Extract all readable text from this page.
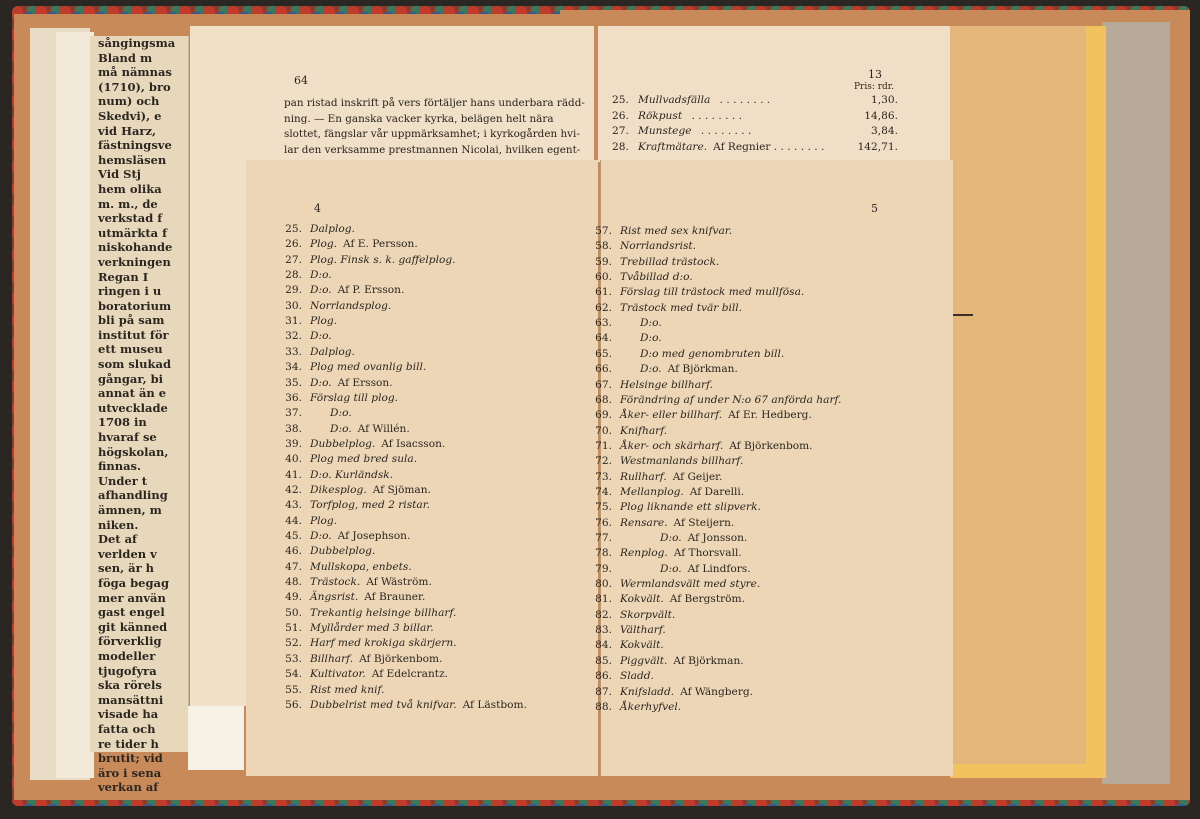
sångingsma
Bland m
må nämnas
(1710), bro
num) och
Skedvi), e
vid Harz,
fästningsve
hemsläsen
Vid Stj
hem olika
m. m., de
verkstad f
utmärkta f
niskohande
verkningen
Regan I
ringen i u
boratorium
bli på sam
institut för
ett museu
som slukad
gångar, bi
annat än e
utvecklade
1708 in
hvaraf se
högskolan,
finnas.
Under t
afhandling
ämnen, m
niken.
Det af
verlden v
sen, är h
föga begag
mer använ
gast engel
git känned
förverklig
modeller
tjugofyra
ska rörels
mansättni
visade ha
fatta och
re tider h
brutit; vid
äro i sena
verkan af
64
pan ristad inskrift på vers förtäljer hans underbara rädd-
ning. — En ganska vacker kyrka, belägen helt nära
slottet, fängslar vår uppmärksamhet; i kyrkogården hvi-
lar den verksamme prestmannen Nicolai, hvilken egent-
13
Pris: rdr.
25. Mullvadsfälla . . . . . . . .	1,30.
26. Rökpust . . . . . . . .	14,86.
27. Munstege . . . . . . . .	3,84.
28. Kraftmätare. Af Regnier . . . . . . . .	142,71.
4	5
25. Dalplog.
26. Plog. Af E. Persson.
27. Plog. Finsk s. k. gaffelplog.
28. D:o.
29. D:o. Af P. Ersson.
30. Norrlandsplog.
31. Plog.
32. D:o.
33. Dalplog.
34. Plog med ovanlig bill.
35. D:o. Af Ersson.
36. Förslag till plog.
37.	D:o.
38.	D:o. Af Willén.
39. Dubbelplog. Af Isacsson.
40. Plog med bred sula.
41. D:o. Kurländsk.
42. Dikesplog. Af Sjöman.
43. Torfplog, med 2 ristar.
44. Plog.
45. D:o. Af Josephson.
46. Dubbelplog.
47. Mullskopa, enbets.
48. Trästock. Af Wäström.
49. Ängsrist. Af Brauner.
50. Trekantig helsinge billharf.
51. Myllårder med 3 billar.
52. Harf med krokiga skärjern.
53. Billharf. Af Björkenbom.
54. Kultivator. Af Edelcrantz.
55. Rist med knif.
56. Dubbelrist med två knifvar. Af Lästbom.
57. Rist med sex knifvar.
58. Norrlandsrist.
59. Trebillad trästock.
60. Tvåbillad d:o.
61. Förslag till trästock med mullfösa.
62. Trästock med tvär bill.
63.	D:o.
64.	D:o.
65.	D:o med genombruten bill.
66.	D:o. Af Björkman.
67. Helsinge billharf.
68. Förändring af under N:o 67 anförda harf.
69. Åker- eller billharf. Af Er. Hedberg.
70. Knifharf.
71. Åker- och skärharf. Af Björkenbom.
72. Westmanlands billharf.
73. Rullharf. Af Geijer.
74. Mellanplog. Af Darelli.
75. Plog liknande ett slipverk.
76. Rensare. Af Steijern.
77.	D:o. Af Jonsson.
78. Renplog. Af Thorsvall.
79.	D:o. Af Lindfors.
80. Wermlandsvält med styre.
81. Kokvält. Af Bergström.
82. Skorpvält.
83. Vältharf.
84. Kokvält.
85. Piggvält. Af Björkman.
86. Sladd.
87. Knifsladd. Af Wängberg.
88. Åkerhyfvel.
